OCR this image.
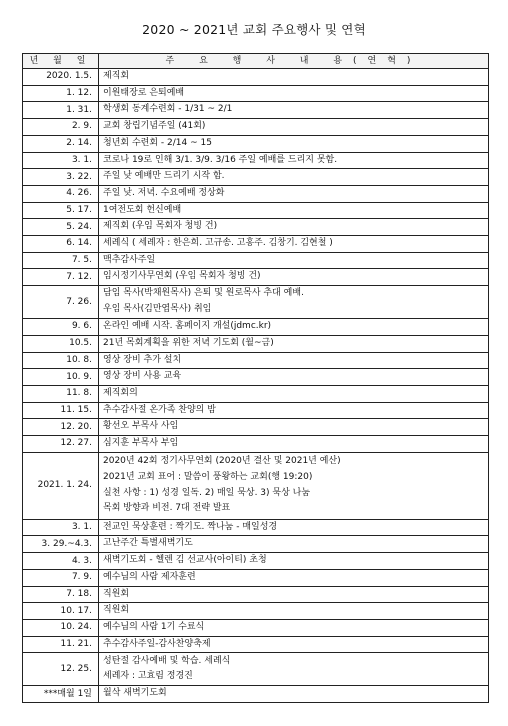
2020 ~ 2021년 교회 주요행사 및 연혁
년 월 일	주 요 행 사 내 용(연혁)
2020. 1.5.	제직회

1. 12.	이원태장로 은퇴예배

1. 31.	학생회 동계수련회 - 1/31 ~ 2/1

2. 9.	교회 창립기념주일 (41회)

2. 14.	청년회 수련회 - 2/14 ~ 15

3. 1.	코로나 19로 인해 3/1. 3/9. 3/16 주일 예배를 드리지 못함.

3. 22.	주일 낮 예배만 드리기 시작 함.

4. 26.	주일 낮. 저녁. 수요예배 정상화

5. 17.	1여전도회 헌신예배

5. 24.	제직회 (우임 목회자 청빙 건)

6. 14.	세례식 ( 세례자 : 한은희. 고규송. 고홍주. 김창기. 김현철 )

7. 5.	맥추감사주일

7. 12.	임시정기사무연회 (우임 목회자 청빙 건)

7. 26.	담임 목사(박채원목사) 은퇴 및 원로목사 추대 예배.
우임 목사(김만엽목사) 취임

9. 6.	온라인 예배 시작. 홈페이지 개설(jdmc.kr)

10.5.	21년 목회계획을 위한 저녁 기도회 (월~금)

10. 8.	영상 장비 추가 설치

10. 9.	영상 장비 사용 교육

11. 8.	제직회의

11. 15.	추수감사절 온가족 찬양의 밤

12. 20.	황선오 부목사 사임

12. 27.	심지훈 부목사 부임

2021. 1. 24.	2020년 42회 정기사무연회 (2020년 결산 및 2021년 예산)
2021년 교회 표어 : 말씀이 풍왕하는 교회(행 19:20)
실천 사항 : 1) 성경 일독. 2) 매일 묵상. 3) 묵상 나눔
목회 방향과 비전. 7대 전략 발표

3. 1.	전교인 묵상훈련 : 짝기도. 짝나눔 - 매일성경

3. 29.~4.3.	고난주간 특별새벽기도

4. 3.	새벽기도회 - 헬렌 김 선교사(아이티) 초청

7. 9.	예수님의 사람 제자훈련

7. 18.	직원회

10. 17.	직원회

10. 24.	예수님의 사람 1기 수료식

11. 21.	추수감사주일-감사찬양축제

12. 25.	성탄절 감사예배 및 학습. 세례식
세례자 : 고효림 정경진

***매월 1일	월삭 새벽기도회
